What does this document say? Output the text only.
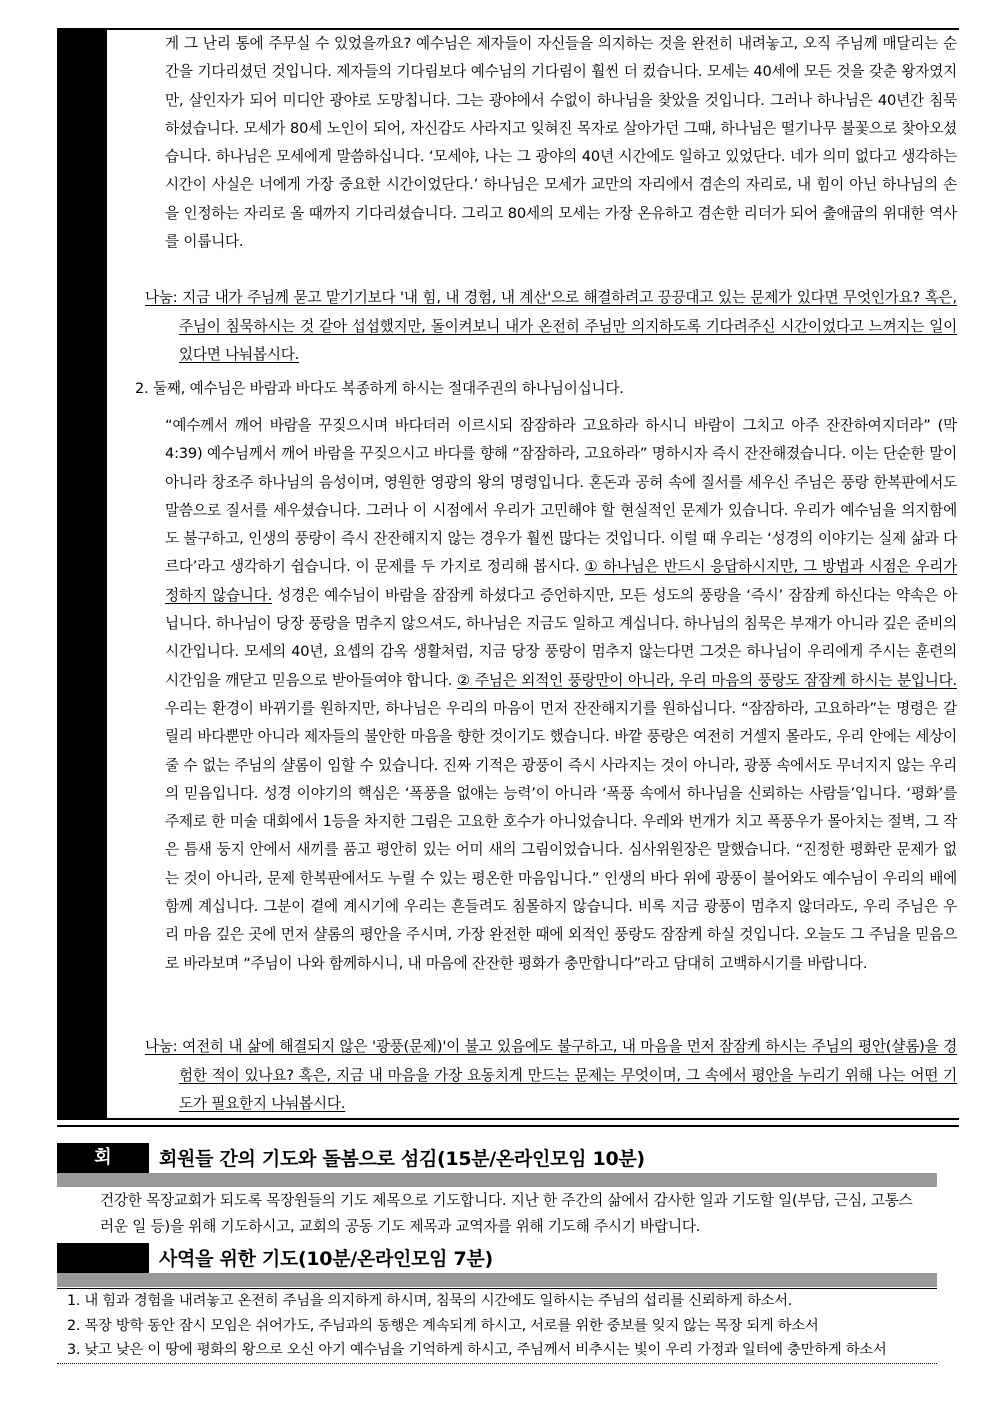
게 그 난리 통에 주무실 수 있었을까요? 예수님은 제자들이 자신들을 의지하는 것을 완전히 내려놓고, 오직 주님께 매달리는 순간을 기다리셨던 것입니다. 제자들의 기다림보다 예수님의 기다림이 훨씬 더 컸습니다. 모세는 40세에 모든 것을 갖춘 왕자였지만, 살인자가 되어 미디안 광야로 도망칩니다. 그는 광야에서 수없이 하나님을 찾았을 것입니다. 그러나 하나님은 40년간 침묵하셨습니다. 모세가 80세 노인이 되어, 자신감도 사라지고 잊혀진 목자로 살아가던 그때, 하나님은 떨기나무 불꽃으로 찾아오셨습니다. 하나님은 모세에게 말씀하십니다. ‘모세야, 나는 그 광야의 40년 시간에도 일하고 있었단다. 네가 의미 없다고 생각하는 시간이 사실은 너에게 가장 중요한 시간이었단다.’ 하나님은 모세가 교만의 자리에서 겸손의 자리로, 내 힘이 아닌 하나님의 손을 인정하는 자리로 올 때까지 기다리셨습니다. 그리고 80세의 모세는 가장 온유하고 겸손한 리더가 되어 출애굽의 위대한 역사를 이룹니다.
나눔: 지금 내가 주님께 묻고 맡기기보다 '내 힘, 내 경험, 내 계산'으로 해결하려고 끙끙대고 있는 문제가 있다면 무엇인가요? 혹은, 주님이 침묵하시는 것 같아 섭섭했지만, 돌이켜보니 내가 온전히 주님만 의지하도록 기다려주신 시간이었다고 느껴지는 일이 있다면 나눠봅시다.
2. 둘째, 예수님은 바람과 바다도 복종하게 하시는 절대주권의 하나님이십니다.
“예수께서 깨어 바람을 꾸짖으시며 바다더러 이르시되 잠잠하라 고요하라 하시니 바람이 그치고 아주 잔잔하여지더라” (막 4:39) 예수님께서 깨어 바람을 꾸짖으시고 바다를 향해 “잠잠하라, 고요하라” 명하시자 즉시 잔잔해졌습니다. 이는 단순한 말이 아니라 창조주 하나님의 음성이며, 영원한 영광의 왕의 명령입니다. 혼돈과 공허 속에 질서를 세우신 주님은 풍랑 한복판에서도 말씀으로 질서를 세우셨습니다. 그러나 이 시점에서 우리가 고민해야 할 현실적인 문제가 있습니다. 우리가 예수님을 의지함에도 불구하고, 인생의 풍랑이 즉시 잔잔해지지 않는 경우가 훨씬 많다는 것입니다. 이럴 때 우리는 ‘성경의 이야기는 실제 삶과 다르다’라고 생각하기 쉽습니다. 이 문제를 두 가지로 정리해 봅시다. ① 하나님은 반드시 응답하시지만, 그 방법과 시점은 우리가 정하지 않습니다. 성경은 예수님이 바람을 잠잠케 하셨다고 증언하지만, 모든 성도의 풍랑을 ‘즉시’ 잠잠케 하신다는 약속은 아닙니다. 하나님이 당장 풍랑을 멈추지 않으셔도, 하나님은 지금도 일하고 계십니다. 하나님의 침묵은 부재가 아니라 깊은 준비의 시간입니다. 모세의 40년, 요셉의 감옥 생활처럼, 지금 당장 풍랑이 멈추지 않는다면 그것은 하나님이 우리에게 주시는 훈련의 시간임을 깨닫고 믿음으로 받아들여야 합니다. ② 주님은 외적인 풍랑만이 아니라, 우리 마음의 풍랑도 잠잠케 하시는 분입니다. 우리는 환경이 바뀌기를 원하지만, 하나님은 우리의 마음이 먼저 잔잔해지기를 원하십니다. “잠잠하라, 고요하라”는 명령은 갈릴리 바다뿐만 아니라 제자들의 불안한 마음을 향한 것이기도 했습니다. 바깥 풍랑은 여전히 거셀지 몰라도, 우리 안에는 세상이 줄 수 없는 주님의 샬롬이 임할 수 있습니다. 진짜 기적은 광풍이 즉시 사라지는 것이 아니라, 광풍 속에서도 무너지지 않는 우리의 믿음입니다. 성경 이야기의 핵심은 ‘폭풍을 없애는 능력’이 아니라 ‘폭풍 속에서 하나님을 신뢰하는 사람들’입니다. ‘평화’를 주제로 한 미술 대회에서 1등을 차지한 그림은 고요한 호수가 아니었습니다. 우레와 번개가 치고 폭풍우가 몰아치는 절벽, 그 작은 틈새 둥지 안에서 새끼를 품고 평안히 있는 어미 새의 그림이었습니다. 심사위원장은 말했습니다. “진정한 평화란 문제가 없는 것이 아니라, 문제 한복판에서도 누릴 수 있는 평온한 마음입니다.” 인생의 바다 위에 광풍이 불어와도 예수님이 우리의 배에 함께 계십니다. 그분이 곁에 계시기에 우리는 흔들려도 침몰하지 않습니다. 비록 지금 광풍이 멈추지 않더라도, 우리 주님은 우리 마음 깊은 곳에 먼저 샬롬의 평안을 주시며, 가장 완전한 때에 외적인 풍랑도 잠잠케 하실 것입니다. 오늘도 그 주님을 믿음으로 바라보며 “주님이 나와 함께하시니, 내 마음에 잔잔한 평화가 충만합니다”라고 담대히 고백하시기를 바랍니다.
나눔: 여전히 내 삶에 해결되지 않은 '광풍(문제)'이 불고 있음에도 불구하고, 내 마음을 먼저 잠잠케 하시는 주님의 평안(샬롬)을 경험한 적이 있나요? 혹은, 지금 내 마음을 가장 요동치게 만드는 문제는 무엇이며, 그 속에서 평안을 누리기 위해 나는 어떤 기도가 필요한지 나눠봅시다.
회	회원들 간의 기도와 돌봄으로 섬김(15분/온라인모임 10분)
건강한 목장교회가 되도록 목장원들의 기도 제목으로 기도합니다. 지난 한 주간의 삶에서 감사한 일과 기도할 일(부담, 근심, 고통스러운 일 등)을 위해 기도하시고, 교회의 공동 기도 제목과 교역자를 위해 기도해 주시기 바랍니다.
사역을 위한 기도(10분/온라인모임 7분)
1. 내 힘과 경험을 내려놓고 온전히 주님을 의지하게 하시며, 침묵의 시간에도 일하시는 주님의 섭리를 신뢰하게 하소서.
2. 목장 방학 동안 잠시 모임은 쉬어가도, 주님과의 동행은 계속되게 하시고, 서로를 위한 중보를 잊지 않는 목장 되게 하소서
3. 낮고 낮은 이 땅에 평화의 왕으로 오신 아기 예수님을 기억하게 하시고, 주님께서 비추시는 빛이 우리 가정과 일터에 충만하게 하소서
